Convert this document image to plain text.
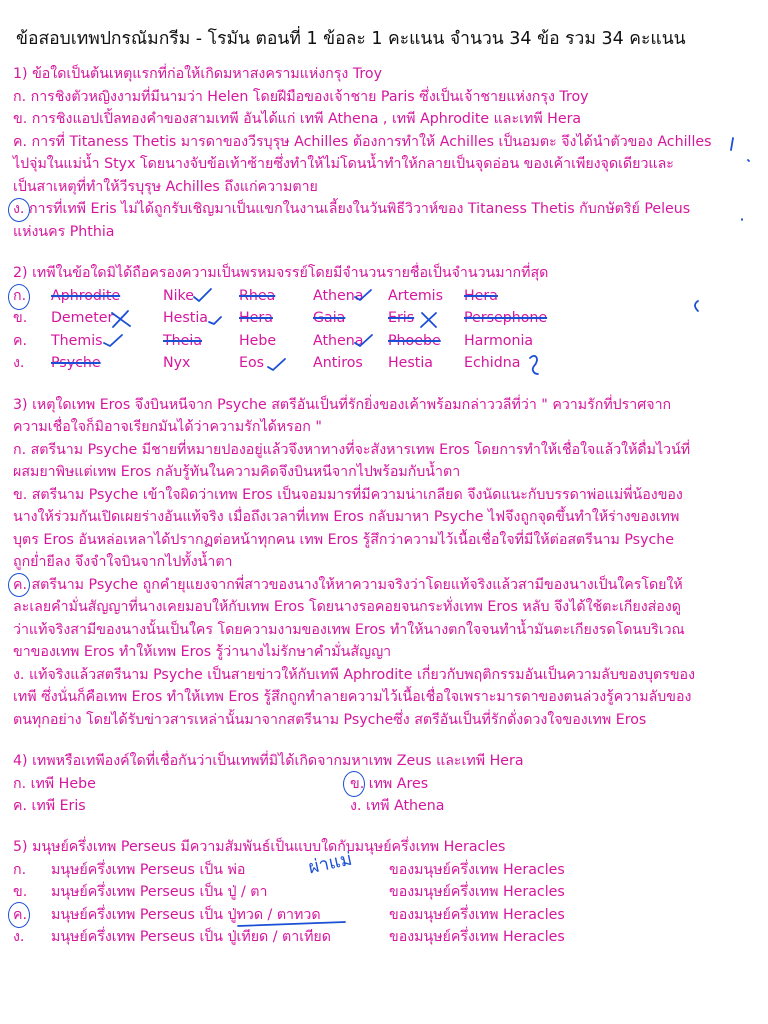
ข้อสอบเทพปกรณัมกรีม - โรมัน ตอนที่ 1 ข้อละ 1 คะแนน จำนวน 34 ข้อ รวม 34 คะแนน
1) ข้อใดเป็นต้นเหตุแรกที่ก่อให้เกิดมหาสงครามแห่งกรุง Troy
ก. การชิงตัวหญิงงามที่มีนามว่า Helen โดยฝีมือของเจ้าชาย Paris ซึ่งเป็นเจ้าชายแห่งกรุง Troy
ข. การชิงแอปเปิ้ลทองคำของสามเทพี อันได้แก่ เทพี Athena , เทพี Aphrodite และเทพี Hera
ค. การที่ Titaness Thetis มารดาของวีรบุรุษ Achilles ต้องการทำให้ Achilles เป็นอมตะ จึงได้นำตัวของ Achilles
ไปจุ่มในแม่น้ำ Styx โดยนางจับข้อเท้าซ้ายซึ่งทำให้ไม่โดนน้ำทำให้กลายเป็นจุดอ่อน ของเค้าเพียงจุดเดียวและ
เป็นสาเหตุที่ทำให้วีรบุรุษ Achilles ถึงแก่ความตาย
ง. การที่เทพี Eris ไม่ได้ถูกรับเชิญมาเป็นแขกในงานเลี้ยงในวันพิธีวิวาห์ของ Titaness Thetis กับกษัตริย์ Peleus
แห่งนคร Phthia
2) เทพีในข้อใดมิได้ถือครองความเป็นพรหมจรรย์โดยมีจำนวนรายชื่อเป็นจำนวนมากที่สุด
ก. Aphrodite	Nike	Rhea	Athena Artemis Hera
ข. Demeter	Hestia Hera	Gaia	Eris	Persephone
ค. Themis	Theia	Hebe	Athena Phoebe Harmonia
ง. Psyche	Nyx	Eos	Antiros Hestia Echidna
3) เหตุใดเทพ Eros จึงบินหนีจาก Psyche สตรีอันเป็นที่รักยิ่งของเค้าพร้อมกล่าววลีที่ว่า " ความรักที่ปราศจาก
ความเชื่อใจก็มิอาจเรียกมันได้ว่าความรักได้หรอก "
ก. สตรีนาม Psyche มีชายที่หมายปองอยู่แล้วจึงหาทางที่จะสังหารเทพ Eros โดยการทำให้เชื่อใจแล้วให้ดื่มไวน์ที่
ผสมยาพิษแต่เทพ Eros กลับรู้ทันในความคิดจึงบินหนีจากไปพร้อมกับน้ำตา
ข. สตรีนาม Psyche เข้าใจผิดว่าเทพ Eros เป็นจอมมารที่มีความน่าเกลียด จึงนัดแนะกับบรรดาพ่อแม่พี่น้องของ
นางให้ร่วมกันเปิดเผยร่างอันแท้จริง เมื่อถึงเวลาที่เทพ Eros กลับมาหา Psyche ไฟจึงถูกจุดขึ้นทำให้ร่างของเทพ
บุตร Eros อันหล่อเหลาได้ปรากฏต่อหน้าทุกคน เทพ Eros รู้สึกว่าความไว้เนื้อเชื่อใจที่มีให้ต่อสตรีนาม Psyche
ถูกย่ำยีลง จึงจำใจบินจากไปทั้งน้ำตา
ค. สตรีนาม Psyche ถูกคำยุแยงจากพี่สาวของนางให้หาความจริงว่าโดยแท้จริงแล้วสามีของนางเป็นใครโดยให้
ละเลยคำมั่นสัญญาที่นางเคยมอบให้กับเทพ Eros โดยนางรอคอยจนกระทั่งเทพ Eros หลับ จึงได้ใช้ตะเกียงส่องดู
ว่าแท้จริงสามีของนางนั้นเป็นใคร โดยความงามของเทพ Eros ทำให้นางตกใจจนทำน้ำมันตะเกียงรดโดนบริเวณ
ขาของเทพ Eros ทำให้เทพ Eros รู้ว่านางไม่รักษาคำมั่นสัญญา
ง. แท้จริงแล้วสตรีนาม Psyche เป็นสายข่าวให้กับเทพี Aphrodite เกี่ยวกับพฤติกรรมอันเป็นความลับของบุตรของ
เทพี ซึ่งนั่นก็คือเทพ Eros ทำให้เทพ Eros รู้สึกถูกทำลายความไว้เนื้อเชื่อใจเพราะมารดาของตนล่วงรู้ความลับของ
ตนทุกอย่าง โดยได้รับข่าวสารเหล่านั้นมาจากสตรีนาม Psycheซึ่ง สตรีอันเป็นที่รักดั่งดวงใจของเทพ Eros
4) เทพหรือเทพีองค์ใดที่เชื่อกันว่าเป็นเทพที่มิได้เกิดจากมหาเทพ Zeus และเทพี Hera
ก. เทพี Hebe	ข. เทพ Ares
ค. เทพี Eris	ง. เทพี Athena
5) มนุษย์ครึ่งเทพ Perseus มีความสัมพันธ์เป็นแบบใดกับมนุษย์ครึ่งเทพ Heracles
ก. มนุษย์ครึ่งเทพ Perseus เป็น พ่อ	ของมนุษย์ครึ่งเทพ Heracles
ข. มนุษย์ครึ่งเทพ Perseus เป็น ปู่ / ตา	ของมนุษย์ครึ่งเทพ Heracles
ค. มนุษย์ครึ่งเทพ Perseus เป็น ปู่ทวด / ตาทวด	ของมนุษย์ครึ่งเทพ Heracles
ง. มนุษย์ครึ่งเทพ Perseus เป็น ปู่เทียด / ตาเทียด	ของมนุษย์ครึ่งเทพ Heracles
ผ่าแม่
